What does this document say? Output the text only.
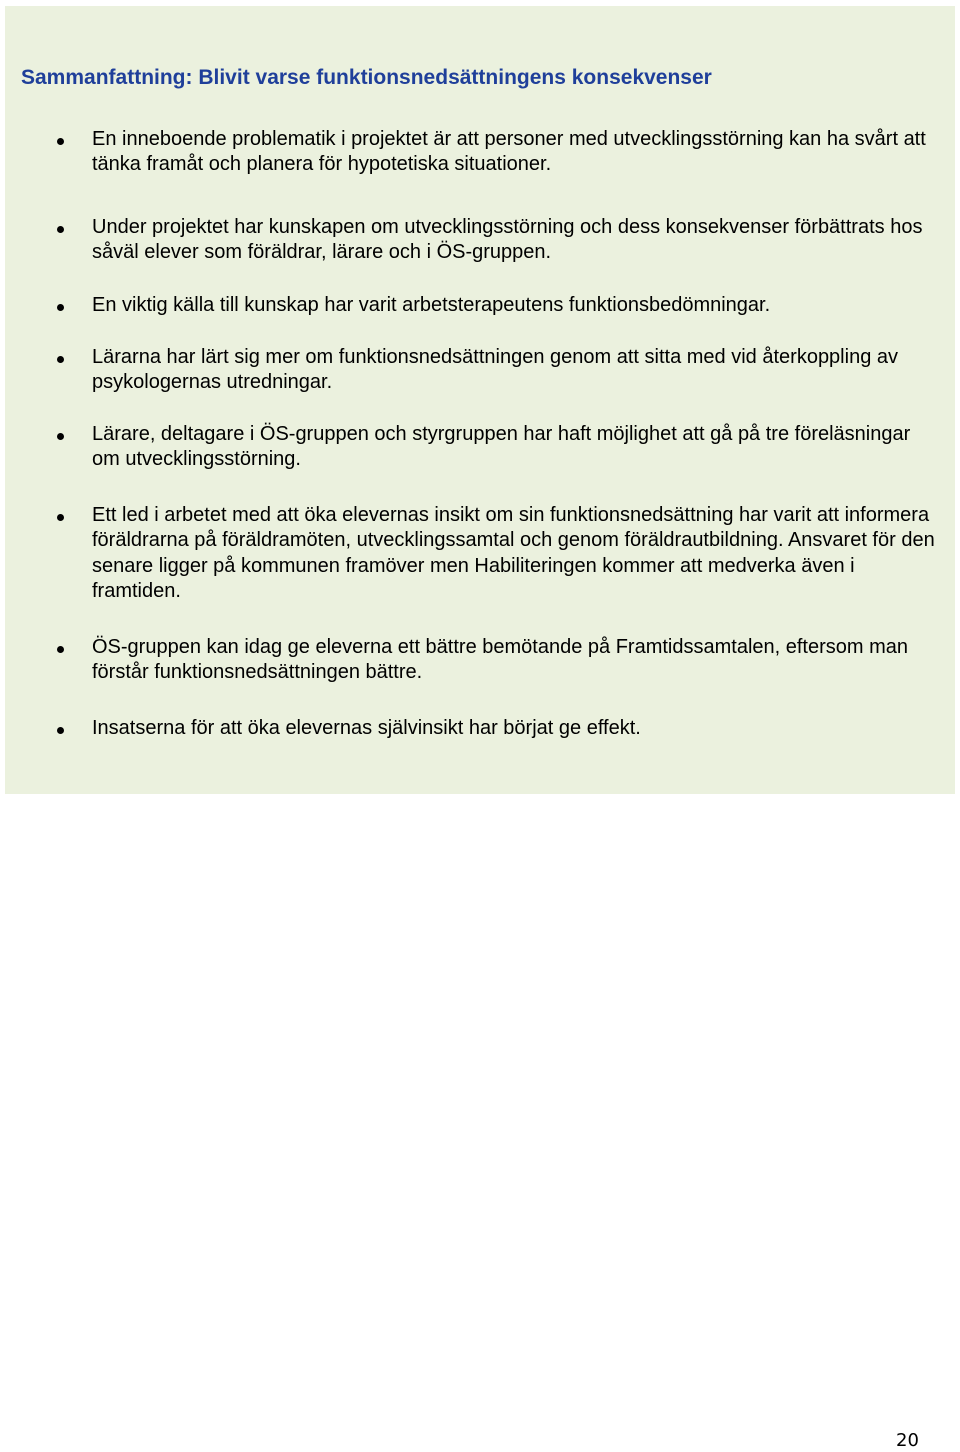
Sammanfattning: Blivit varse funktionsnedsättningens konsekvenser
En inneboende problematik i projektet är att personer med utvecklingsstörning kan ha svårt att tänka framåt och planera för hypotetiska situationer.
Under projektet har kunskapen om utvecklingsstörning och dess konsekvenser förbättrats hos såväl elever som föräldrar, lärare och i ÖS-gruppen.
En viktig källa till kunskap har varit arbetsterapeutens funktionsbedömningar.
Lärarna har lärt sig mer om funktionsnedsättningen genom att sitta med vid återkoppling av psykologernas utredningar.
Lärare, deltagare i ÖS-gruppen och styrgruppen har haft möjlighet att gå på tre föreläsningar om utvecklingsstörning.
Ett led i arbetet med att öka elevernas insikt om sin funktionsnedsättning har varit att informera föräldrarna på föräldramöten, utvecklingssamtal och genom föräldrautbildning. Ansvaret för den senare ligger på kommunen framöver men Habiliteringen kommer att medverka även i framtiden.
ÖS-gruppen kan idag ge eleverna ett bättre bemötande på Framtidssamtalen, eftersom man förstår funktionsnedsättningen bättre.
Insatserna för att öka elevernas självinsikt har börjat ge effekt.
20
